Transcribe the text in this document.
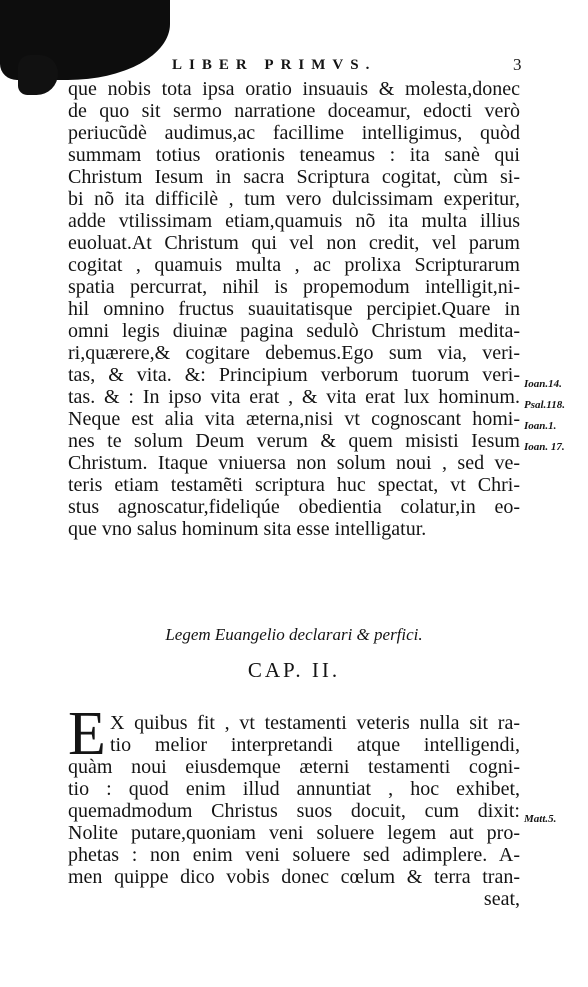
LIBER PRIMVS.	3
que nobis tota ipsa oratio insuauis & molesta,donec
de quo sit sermo narratione doceamur, edocti verò
periucũdè audimus,ac facillime intelligimus, quòd
summam totius orationis teneamus : ita sanè qui
Christum Iesum in sacra Scriptura cogitat, cùm si-
bi nõ ita difficilè , tum vero dulcissimam experitur,
adde vtilissimam etiam,quamuis nõ ita multa illius
euoluat.At Christum qui vel non credit, vel parum
cogitat , quamuis multa , ac prolixa Scripturarum
spatia percurrat, nihil is propemodum intelligit,ni-
hil omnino fructus suauitatisque percipiet.Quare in
omni legis diuinæ pagina sedulò Christum medita-
ri,quærere,& cogitare debemus.Ego sum via, veri-
tas, & vita. &: Principium verborum tuorum veri-
tas. & : In ipso vita erat , & vita erat lux hominum.
Neque est alia vita æterna,nisi vt cognoscant homi-
nes te solum Deum verum & quem misisti Iesum
Christum. Itaque vniuersa non solum noui , sed ve-
teris etiam testamẽti scriptura huc spectat, vt Chri-
stus agnoscatur,fideliqúe obedientia colatur,in eo-
que vno salus hominum sita esse intelligatur.
Ioan.14.
Psal.118.
Ioan.1.
Ioan. 17.
Legem Euangelio declarari & perfici.
CAP. II.
E X quibus fit , vt testamenti veteris nulla sit ra-
tio melior interpretandi atque intelligendi,
quàm noui eiusdemque æterni testamenti cogni-
tio : quod enim illud annuntiat , hoc exhibet,
quemadmodum Christus suos docuit, cum dixit:
Nolite putare,quoniam veni soluere legem aut pro-
phetas : non enim veni soluere sed adimplere. A-
men quippe dico vobis donec cœlum & terra tran-
seat,
Matt.5.
